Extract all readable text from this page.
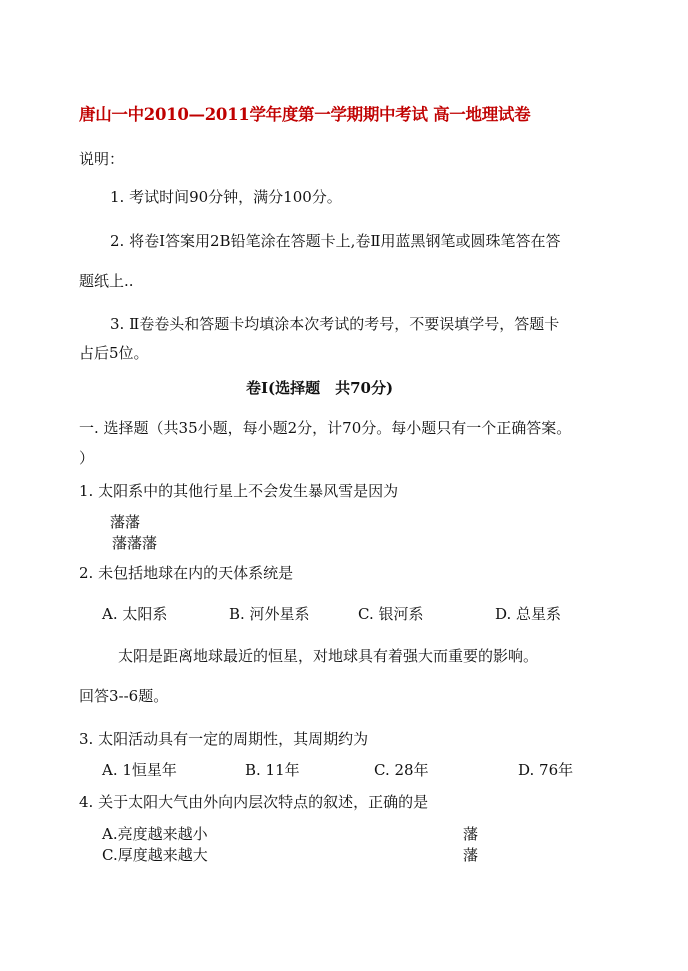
唐山一中2010—2011学年度第一学期期中考试 高一地理试卷
说明：
1. 考试时间90分钟，满分100分。
2. 将卷Ⅰ答案用2B铅笔涂在答题卡上,卷Ⅱ用蓝黑钢笔或圆珠笔答在答
题纸上..
3. Ⅱ卷卷头和答题卡均填涂本次考试的考号，不要误填学号，答题卡
占后5位。
卷Ⅰ(选择题　共70分)
一. 选择题（共35小题，每小题2分，计70分。每小题只有一个正确答案。
）
1. 太阳系中的其他行星上不会发生暴风雪是因为
藩藩
藩藩藩
2. 未包括地球在内的天体系统是
A. 太阳系	B. 河外星系	C. 银河系	D. 总星系
太阳是距离地球最近的恒星，对地球具有着强大而重要的影响。
回答3--6题。
3. 太阳活动具有一定的周期性，其周期约为
A. 1恒星年	B. 11年	C. 28年	D. 76年
4. 关于太阳大气由外向内层次特点的叙述，正确的是
A.亮度越来越小	藩
C.厚度越来越大	藩
